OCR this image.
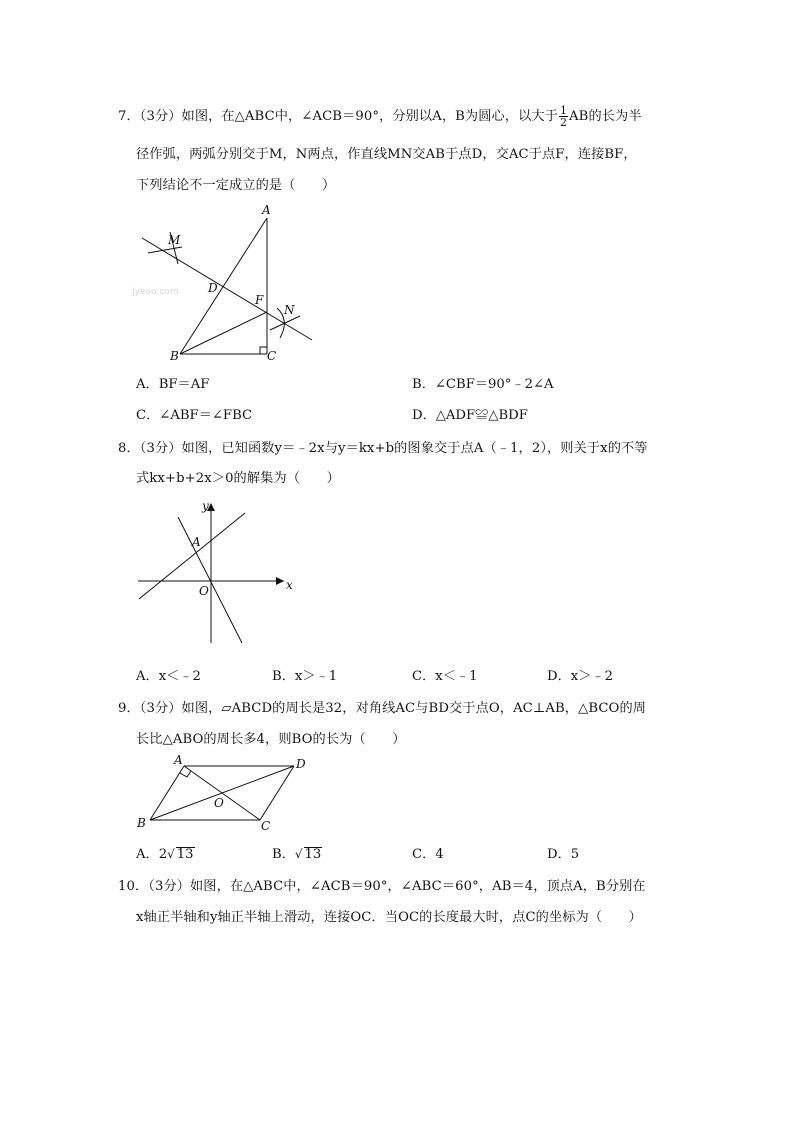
7．（3分）如图，在△ABC中，∠ACB＝90°，分别以A，B为圆心，以大于 $\frac{1}{2}$ AB的长为半
径作弧，两弧分别交于M，N两点，作直线MN交AB于点D，交AC于点F，连接BF，
下列结论不一定成立的是（　　）
A
M
D
F
N
B	C
Jyeoo.com
A．BF＝AF	B．∠CBF＝90°﹣2∠A
C．∠ABF＝∠FBC	D．△ADF≌△BDF
8．（3分）如图，已知函数y＝﹣2x与y＝kx+b的图象交于点A（﹣1，2），则关于x的不等
式kx+b+2x＞0的解集为（　　）
y
x
A
O
A．x＜﹣2	B．x＞﹣1	C．x＜﹣1	D．x＞﹣2
9．（3分）如图，▱ABCD的周长是32，对角线AC与BD交于点O，AC⊥AB，△BCO的周
长比△ABO的周长多4，则BO的长为（　　）
A	D
O
B	C
A．2√ 13	B．√ 13	C．4	D．5
10．（3分）如图，在△ABC中，∠ACB＝90°，∠ABC＝60°，AB＝4，顶点A，B分别在
x轴正半轴和y轴正半轴上滑动，连接OC．当OC的长度最大时，点C的坐标为（　　）
